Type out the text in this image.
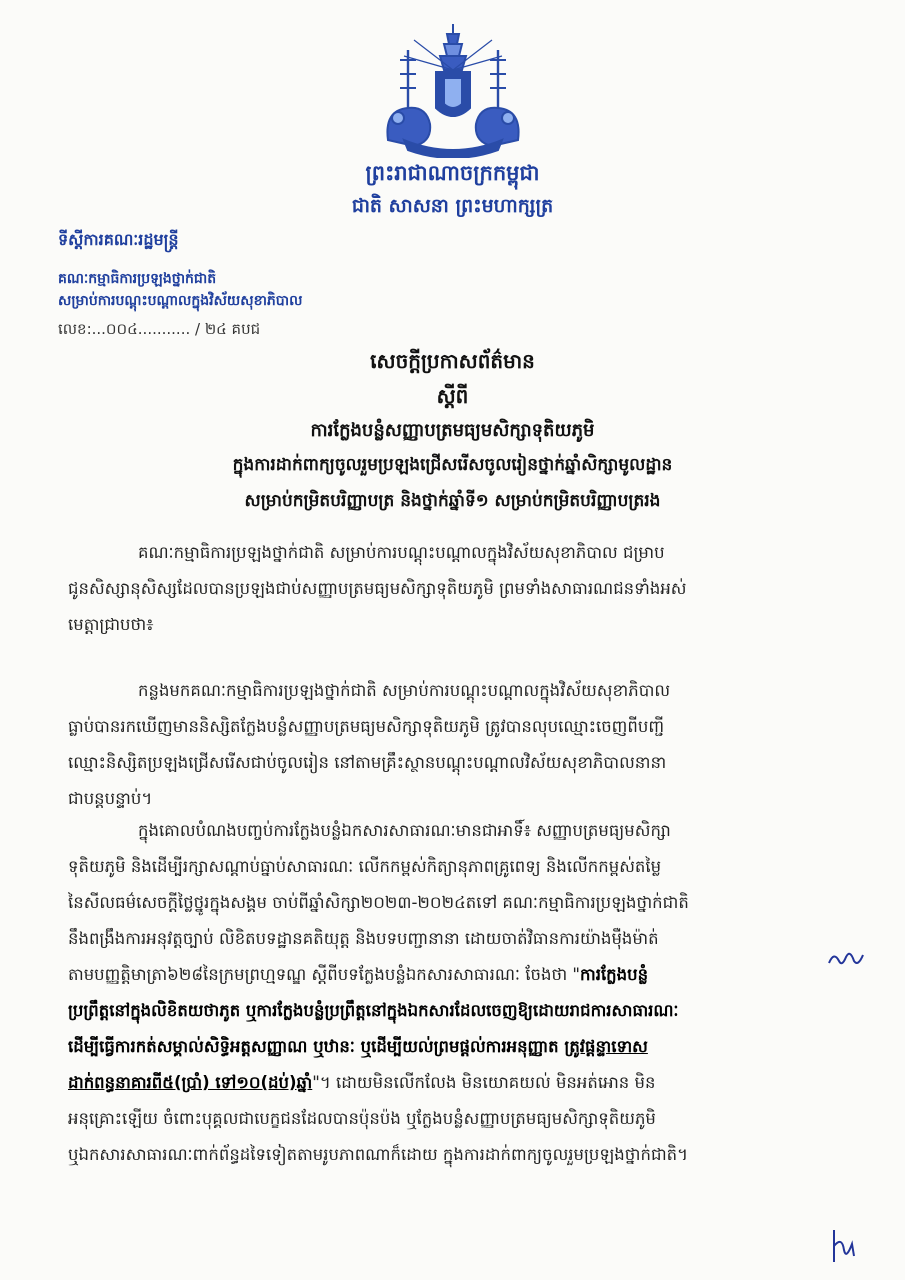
ព្រះរាជាណាចក្រកម្ពុជា
ជាតិ សាសនា ព្រះមហាក្សត្រ
ទីស្តីការគណៈរដ្ឋមន្ត្រី
គណៈកម្មាធិការប្រឡងថ្នាក់ជាតិ
សម្រាប់ការបណ្តុះបណ្តាលក្នុងវិស័យសុខាភិបាល
លេខ:...០០៤........... / ២៤ គបជ
សេចក្តីប្រកាសព័ត៌មាន
ស្តីពី
ការក្លែងបន្លំសញ្ញាបត្រមធ្យមសិក្សាទុតិយភូមិ
ក្នុងការដាក់ពាក្យចូលរួមប្រឡងជ្រើសរើសចូលរៀនថ្នាក់ឆ្នាំសិក្សាមូលដ្ឋាន
សម្រាប់កម្រិតបរិញ្ញាបត្រ និងថ្នាក់ឆ្នាំទី១ សម្រាប់កម្រិតបរិញ្ញាបត្ររង
គណៈកម្មាធិការប្រឡងថ្នាក់ជាតិ សម្រាប់ការបណ្តុះបណ្តាលក្នុងវិស័យសុខាភិបាល ជម្រាប
ជូនសិស្សានុសិស្សដែលបានប្រឡងជាប់សញ្ញាបត្រមធ្យមសិក្សាទុតិយភូមិ ព្រមទាំងសាធារណជនទាំងអស់
មេត្តាជ្រាបថា៖
កន្លងមកគណៈកម្មាធិការប្រឡងថ្នាក់ជាតិ សម្រាប់ការបណ្តុះបណ្តាលក្នុងវិស័យសុខាភិបាល
ធ្លាប់បានរកឃើញមាននិស្សិតក្លែងបន្លំសញ្ញាបត្រមធ្យមសិក្សាទុតិយភូមិ ត្រូវបានលុបឈ្មោះចេញពីបញ្ជី
ឈ្មោះនិស្សិតប្រឡងជ្រើសរើសជាប់ចូលរៀន នៅតាមគ្រឹះស្ថានបណ្តុះបណ្តាលវិស័យសុខាភិបាលនានា
ជាបន្តបន្ទាប់។
ក្នុងគោលបំណងបញ្ចប់ការក្លែងបន្លំឯកសារសាធារណៈមានជាអាទិ៍៖ សញ្ញាបត្រមធ្យមសិក្សា
ទុតិយភូមិ និងដើម្បីរក្សាសណ្តាប់ធ្នាប់សាធារណៈ លើកកម្ពស់កិត្យានុភាពគ្រូពេទ្យ និងលើកកម្ពស់តម្លៃ
នៃសីលធម៌សេចក្តីថ្លៃថ្នូរក្នុងសង្គម ចាប់ពីឆ្នាំសិក្សា២០២៣-២០២៤តទៅ គណៈកម្មាធិការប្រឡងថ្នាក់ជាតិ
នឹងពង្រឹងការអនុវត្តច្បាប់ លិខិតបទដ្ឋានគតិយុត្ត និងបទបញ្ជានានា ដោយចាត់វិធានការយ៉ាងម៉ឺងម៉ាត់
តាមបញ្ញត្តិមាត្រា៦២៨នៃក្រមព្រហ្មទណ្ឌ ស្តីពីបទក្លែងបន្លំឯកសារសាធារណៈ ចែងថា "ការក្លែងបន្លំ
ប្រព្រឹត្តនៅក្នុងលិខិតយថាភូត ឬការក្លែងបន្លំប្រព្រឹត្តនៅក្នុងឯកសារដែលចេញឱ្យដោយរាជការសាធារណៈ
ដើម្បីធ្វើការកត់សម្គាល់សិទ្ធិអត្តសញ្ញាណ ឬឋានៈ ឬដើម្បីយល់ព្រមផ្តល់ការអនុញ្ញាត ត្រូវផ្តន្ទាទោស
ដាក់ពន្ធនាគារពី៥(ប្រាំ) ទៅ១០(ដប់)ឆ្នាំ"។ ដោយមិនលើកលែង មិនយោគយល់ មិនអត់អោន មិន
អនុគ្រោះឡើយ ចំពោះបុគ្គលជាបេក្ខជនដែលបានប៉ុនប៉ង ឬក្លែងបន្លំសញ្ញាបត្រមធ្យមសិក្សាទុតិយភូមិ
ឬឯកសារសាធារណៈពាក់ព័ន្ធដទៃទៀតតាមរូបភាពណាក៏ដោយ ក្នុងការដាក់ពាក្យចូលរួមប្រឡងថ្នាក់ជាតិ។
